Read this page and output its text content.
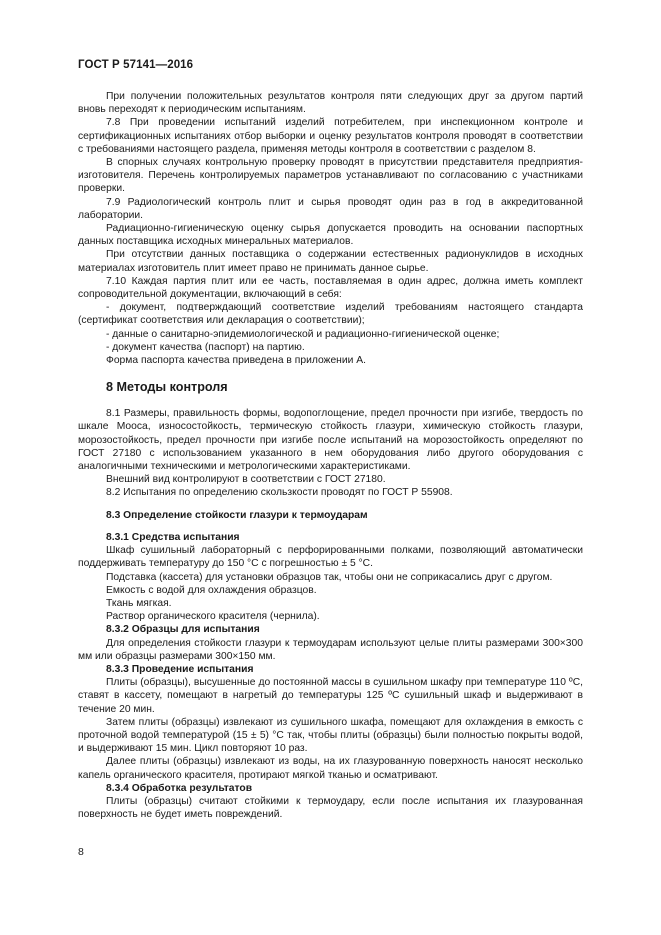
ГОСТ Р 57141—2016

При получении положительных результатов контроля пяти следующих друг за другом партий вновь переходят к периодическим испытаниям.

7.8 При проведении испытаний изделий потребителем, при инспекционном контроле и сертификационных испытаниях отбор выборки и оценку результатов контроля проводят в соответствии с требованиями настоящего раздела, применяя методы контроля в соответствии с разделом 8.

В спорных случаях контрольную проверку проводят в присутствии представителя предприятия-изготовителя. Перечень контролируемых параметров устанавливают по согласованию с участниками проверки.

7.9 Радиологический контроль плит и сырья проводят один раз в год в аккредитованной лаборатории.

Радиационно-гигиеническую оценку сырья допускается проводить на основании паспортных данных поставщика исходных минеральных материалов.

При отсутствии данных поставщика о содержании естественных радионуклидов в исходных материалах изготовитель плит имеет право не принимать данное сырье.

7.10 Каждая партия плит или ее часть, поставляемая в один адрес, должна иметь комплект сопроводительной документации, включающий в себя:

- документ, подтверждающий соответствие изделий требованиям настоящего стандарта (сертификат соответствия или декларация о соответствии);

- данные о санитарно-эпидемиологической и радиационно-гигиенической оценке;

- документ качества (паспорт) на партию.

Форма паспорта качества приведена в приложении А.

8 Методы контроля

8.1 Размеры, правильность формы, водопоглощение, предел прочности при изгибе, твердость по шкале Мооса, износостойкость, термическую стойкость глазури, химическую стойкость глазури, морозостойкость, предел прочности при изгибе после испытаний на морозостойкость определяют по ГОСТ 27180 с использованием указанного в нем оборудования либо другого оборудования с аналогичными техническими и метрологическими характеристиками.

Внешний вид контролируют в соответствии с ГОСТ 27180.

8.2 Испытания по определению скользкости проводят по ГОСТ Р 55908.

8.3 Определение стойкости глазури к термоударам

8.3.1 Средства испытания

Шкаф сушильный лабораторный с перфорированными полками, позволяющий автоматически поддерживать температуру до 150 °С с погрешностью ± 5 °С.

Подставка (кассета) для установки образцов так, чтобы они не соприкасались друг с другом.

Емкость с водой для охлаждения образцов.

Ткань мягкая.

Раствор органического красителя (чернила).

8.3.2 Образцы для испытания

Для определения стойкости глазури к термоударам используют целые плиты размерами 300×300 мм или образцы размерами 300×150 мм.

8.3.3 Проведение испытания

Плиты (образцы), высушенные до постоянной массы в сушильном шкафу при температуре 110 ºС, ставят в кассету, помещают в нагретый до температуры 125 ºС сушильный шкаф и выдерживают в течение 20 мин.

Затем плиты (образцы) извлекают из сушильного шкафа, помещают для охлаждения в емкость с проточной водой температурой (15 ± 5) °С так, чтобы плиты (образцы) были полностью покрыты водой, и выдерживают 15 мин. Цикл повторяют 10 раз.

Далее плиты (образцы) извлекают из воды, на их глазурованную поверхность наносят несколько капель органического красителя, протирают мягкой тканью и осматривают.

8.3.4 Обработка результатов

Плиты (образцы) считают стойкими к термоудару, если после испытания их глазурованная поверхность не будет иметь повреждений.

8
